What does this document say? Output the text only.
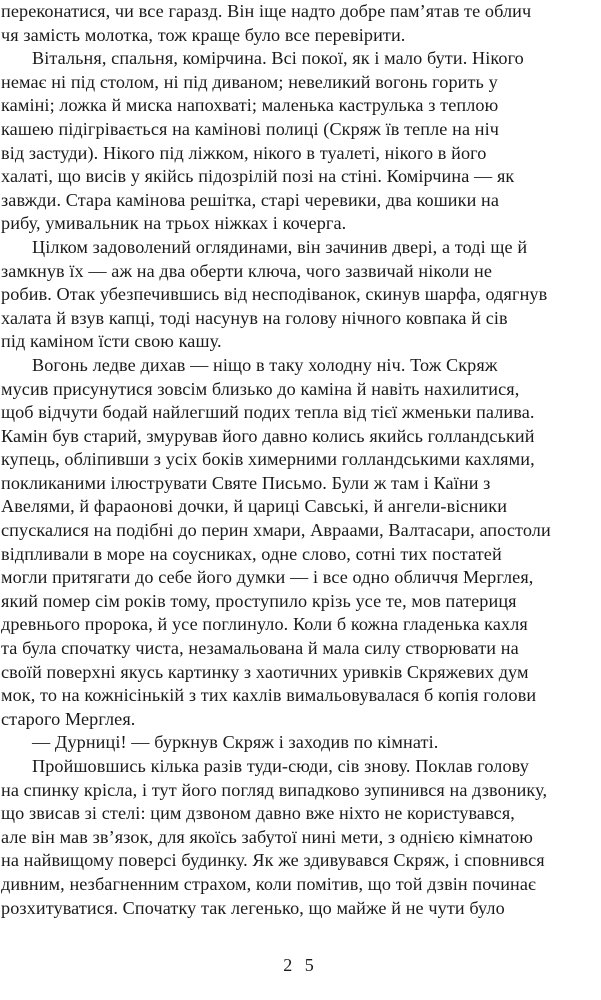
переконатися, чи все гаразд. Він іще надто добре пам’ятав те облич

чя замість молотка, тож краще було все перевірити.

Вітальня, спальня, комірчина. Всі покої, як і мало бути. Нікого

немає ні під столом, ні під диваном; невеликий вогонь горить у

каміні; ложка й миска напохваті; маленька каструлька з теплою

кашею підігрівається на камінові полиці (Скряж їв тепле на ніч

від застуди). Нікого під ліжком, нікого в туалеті, нікого в його

халаті, що висів у якійсь підозрілій позі на стіні. Комірчина — як

завжди. Стара камінова решітка, старі черевики, два кошики на

рибу, умивальник на трьох ніжках і кочерга.

Цілком задоволений оглядинами, він зачинив двері, а тоді ще й

замкнув їх — аж на два оберти ключа, чого зазвичай ніколи не

робив. Отак убезпечившись від несподіванок, скинув шарфа, одягнув

халата й взув капці, тоді насунув на голову нічного ковпака й сів

під каміном їсти свою кашу.

Вогонь ледве дихав — ніщо в таку холодну ніч. Тож Скряж

мусив присунутися зовсім близько до каміна й навіть нахилитися,

щоб відчути бодай найлегший подих тепла від тієї жменьки палива.

Камін був старий, змурував його давно колись якийсь голландський

купець, обліпивши з усіх боків химерними голландськими кахлями,

покликаними ілюструвати Святе Письмо. Були ж там і Каїни з

Авелями, й фараонові дочки, й цариці Савські, й ангели-вісники

спускалися на подібні до перин хмари, Авраами, Валтасари, апостоли

відпливали в море на соусниках, одне слово, сотні тих постатей

могли притягати до себе його думки — і все одно обличчя Мерглея,

який помер сім років тому, проступило крізь усе те, мов патериця

древнього пророка, й усе поглинуло. Коли б кожна гладенька кахля

та була спочатку чиста, незамальована й мала силу створювати на

своїй поверхні якусь картинку з хаотичних уривків Скряжевих дум

мок, то на кожнісінькій з тих кахлів вимальовувалася б копія голови

старого Мерглея.

— Дурниці! — буркнув Скряж і заходив по кімнаті.

Пройшовшись кілька разів туди-сюди, сів знову. Поклав голову

на спинку крісла, і тут його погляд випадково зупинився на дзвонику,

що звисав зі стелі: цим дзвоном давно вже ніхто не користувався,

але він мав зв’язок, для якоїсь забутої нині мети, з однією кімнатою

на найвищому поверсі будинку. Як же здивувався Скряж, і сповнився

дивним, незбагненним страхом, коли помітив, що той дзвін починає

розхитуватися. Спочатку так легенько, що майже й не чути було

2 5
